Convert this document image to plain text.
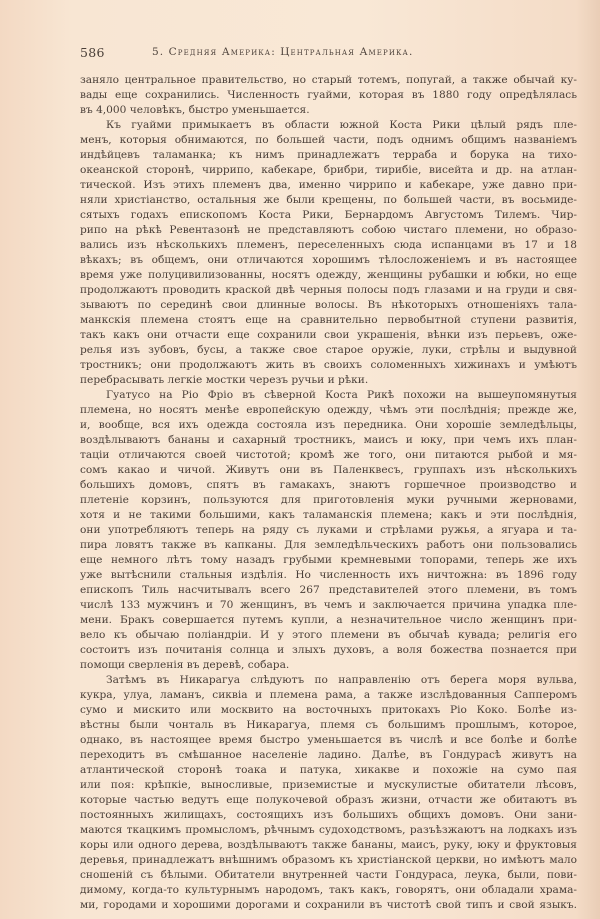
586	5. Средняя Америка: Центральная Америка.
заняло центральное правительство, но старый тотемъ, попугай, а также обычай ку-
вады еще сохранились. Численность гуайми, которая въ 1880 году опредѣлялась
въ 4,000 человѣкъ, быстро уменьшается.
Къ гуайми примыкаетъ въ области южной Коста Рики цѣлый рядъ пле-
менъ, которыя обнимаются, по большей части, подъ однимъ общимъ названіемъ
индѣйцевъ таламанка; къ нимъ принадлежатъ терраба и борука на тихо-
океанской сторонѣ, чиррипо, кабекаре, брибри, тирибіе, висейта и др. на атлан-
тической. Изъ этихъ племенъ два, именно чиррипо и кабекаре, уже давно при-
няли христіанство, остальныя же были крещены, по большей части, въ восьмиде-
сятыхъ годахъ епископомъ Коста Рики, Бернардомъ Августомъ Тилемъ. Чир-
рипо на рѣкѣ Ревентазонѣ не представляютъ собою чистаго племени, но образо-
вались изъ нѣсколькихъ племенъ, переселенныхъ сюда испанцами въ 17 и 18
вѣкахъ; въ общемъ, они отличаются хорошимъ тѣлосложеніемъ и въ настоящее
время уже полуцивилизованны, носятъ одежду, женщины рубашки и юбки, но еще
продолжаютъ проводить краской двѣ черныя полосы подъ глазами и на груди и свя-
зываютъ по серединѣ свои длинные волосы. Въ нѣкоторыхъ отношеніяхъ тала-
манкскія племена стоятъ еще на сравнительно первобытной ступени развитія,
такъ какъ они отчасти еще сохранили свои украшенія, вѣнки изъ перьевъ, оже-
релья изъ зубовъ, бусы, а также свое старое оружіе, луки, стрѣлы и выдувной
тростникъ; они продолжаютъ жить въ своихъ соломенныхъ хижинахъ и умѣютъ
перебрасывать легкіе мостки черезъ ручьи и рѣки.
Гуатусо на Ріо Фріо въ сѣверной Коста Рикѣ похожи на вышеупомянутыя
племена, но носятъ менѣе европейскую одежду, чѣмъ эти послѣднія; прежде же,
и, вообще, вся ихъ одежда состояла изъ передника. Они хорошіе земледѣльцы,
воздѣлываютъ бананы и сахарный тростникъ, маисъ и юку, при чемъ ихъ план-
таціи отличаются своей чистотой; кромѣ же того, они питаются рыбой и мя-
сомъ какао и чичой. Живутъ они въ Паленквесъ, группахъ изъ нѣсколькихъ
большихъ домовъ, спятъ въ гамакахъ, знаютъ горшечное производство и
плетеніе корзинъ, пользуются для приготовленія муки ручными жерновами,
хотя и не такими большими, какъ таламанскія племена; какъ и эти послѣднія,
они употребляютъ теперь на ряду съ луками и стрѣлами ружья, а ягуара и та-
пира ловятъ также въ капканы. Для земледѣльческихъ работъ они пользовались
еще немного лѣтъ тому назадъ грубыми кремневыми топорами, теперь же ихъ
уже вытѣснили стальныя издѣлія. Но численность ихъ ничтожна: въ 1896 году
епископъ Тиль насчитывалъ всего 267 представителей этого племени, въ томъ
числѣ 133 мужчинъ и 70 женщинъ, въ чемъ и заключается причина упадка пле-
мени. Бракъ совершается путемъ купли, а незначительное число женщинъ при-
вело къ обычаю поліандріи. И у этого племени въ обычаѣ кувада; религія его
состоитъ изъ почитанія солнца и злыхъ духовъ, а воля божества познается при
помощи сверленія въ деревѣ, собара.
Затѣмъ въ Никарагуа слѣдуютъ по направленію отъ берега моря вульва,
кукра, улуа, ламанъ, сиквіа и племена рама, а также изслѣдованныя Сапперомъ
сумо и мискито или москвито на восточныхъ притокахъ Ріо Коко. Болѣе из-
вѣстны были чонталь въ Никарагуа, племя съ большимъ прошлымъ, которое,
однако, въ настоящее время быстро уменьшается въ числѣ и все болѣе и болѣе
переходитъ въ смѣшанное населеніе ладино. Далѣе, въ Гондурасѣ живутъ на
атлантической сторонѣ тоака и патука, хикакве и похожіе на сумо пая
или поя: крѣпкіе, выносливые, приземистые и мускулистые обитатели лѣсовъ,
которые частью ведутъ еще полукочевой образъ жизни, отчасти же обитаютъ въ
постоянныхъ жилищахъ, состоящихъ изъ большихъ общихъ домовъ. Они зани-
маются ткацкимъ промысломъ, рѣчнымъ судоходствомъ, разъѣзжаютъ на лодкахъ изъ
коры или одного дерева, воздѣлываютъ также бананы, маисъ, руку, юку и фруктовыя
деревья, принадлежатъ внѣшнимъ образомъ къ христіанской церкви, но имѣютъ мало
сношеній съ бѣлыми. Обитатели внутренней части Гондураса, леука, были, пови-
димому, когда-то культурнымъ народомъ, такъ какъ, говорятъ, они обладали храма-
ми, городами и хорошими дорогами и сохранили въ чистотѣ свой типъ и свой языкъ.
